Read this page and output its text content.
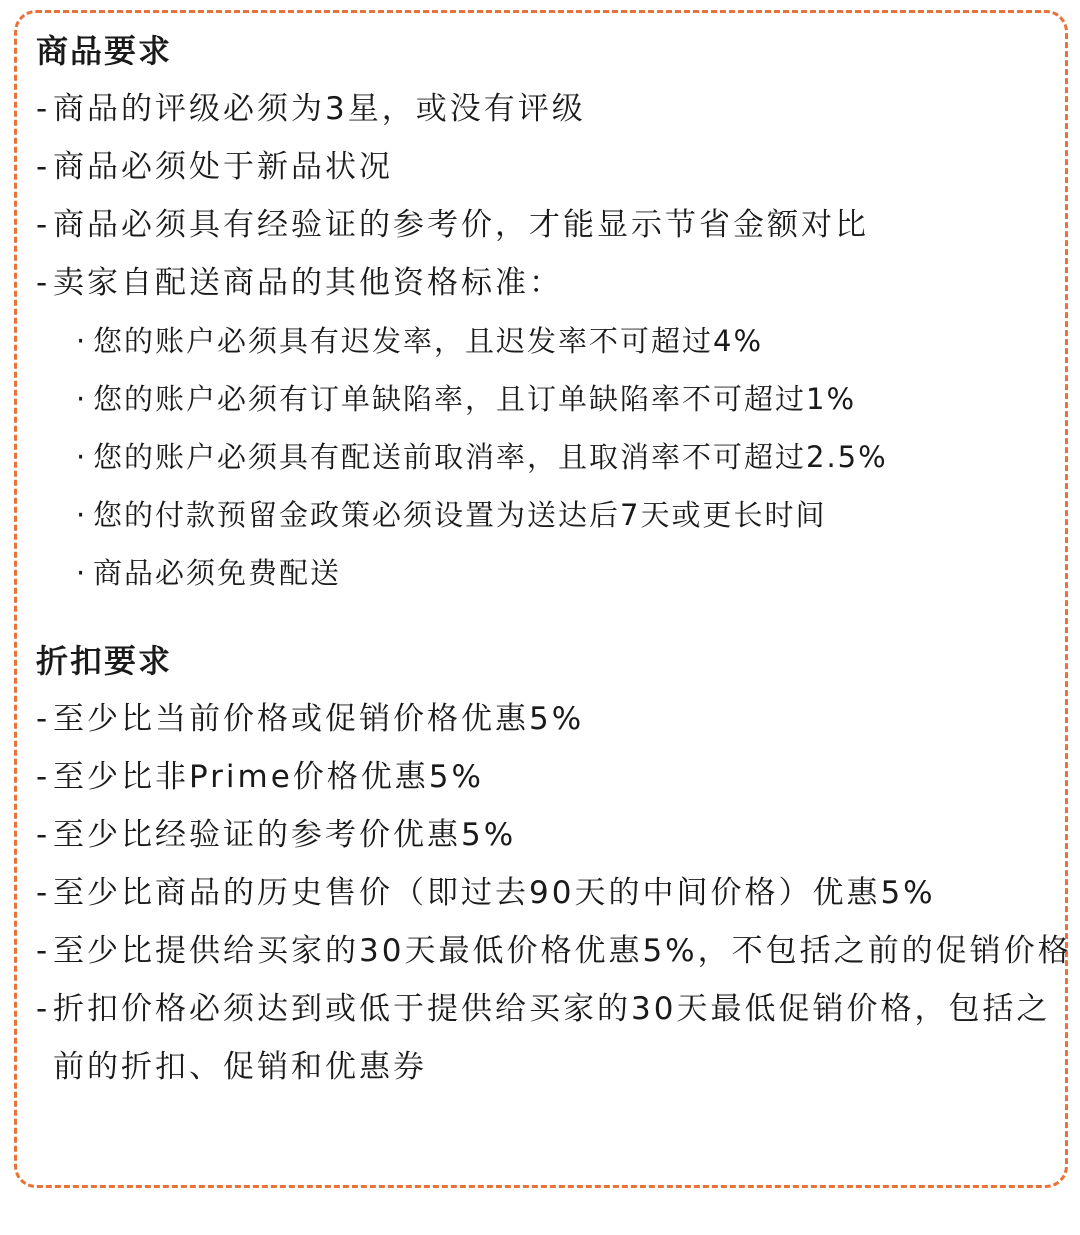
商品要求
- 商品的评级必须为3星，或没有评级
- 商品必须处于新品状况
- 商品必须具有经验证的参考价，才能显示节省金额对比
- 卖家自配送商品的其他资格标准：
· 您的账户必须具有迟发率，且迟发率不可超过4%
· 您的账户必须有订单缺陷率，且订单缺陷率不可超过1%
· 您的账户必须具有配送前取消率，且取消率不可超过2.5%
· 您的付款预留金政策必须设置为送达后7天或更长时间
· 商品必须免费配送
折扣要求
- 至少比当前价格或促销价格优惠5%
- 至少比非Prime价格优惠5%
- 至少比经验证的参考价优惠5%
- 至少比商品的历史售价（即过去90天的中间价格）优惠5%
- 至少比提供给买家的30天最低价格优惠5%，不包括之前的促销价格
- 折扣价格必须达到或低于提供给买家的30天最低促销价格，包括之前的折扣、促销和优惠券
